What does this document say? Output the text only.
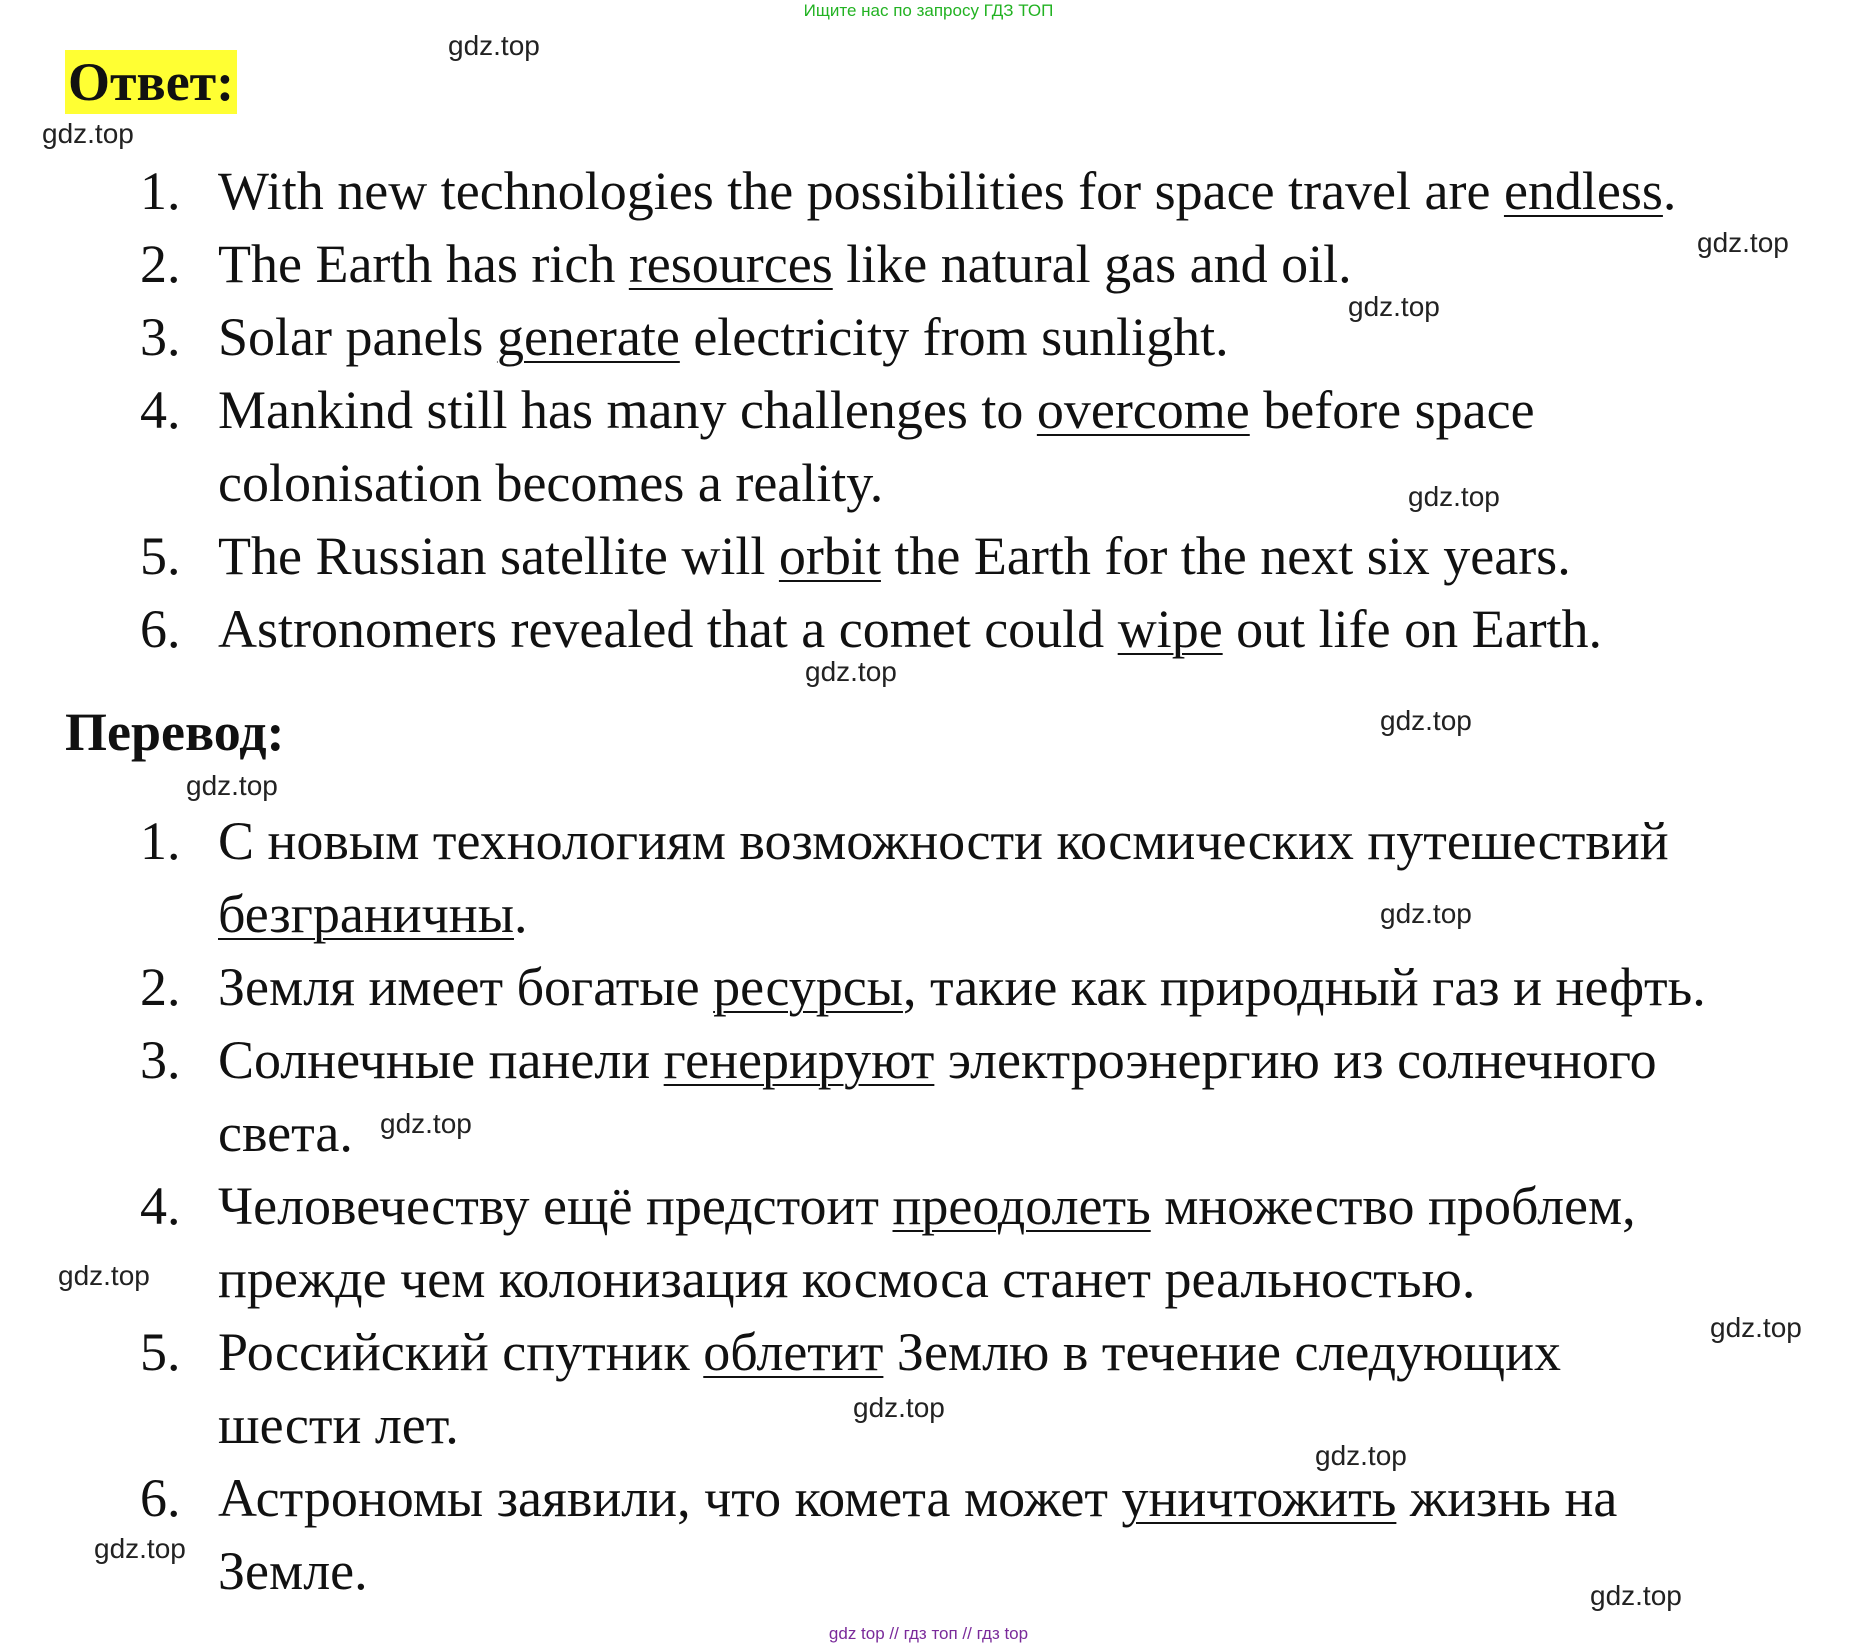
Ищите нас по запросу ГДЗ ТОП
Ответ:
1. With new technologies the possibilities for space travel are endless.
2. The Earth has rich resources like natural gas and oil.
3. Solar panels generate electricity from sunlight.
4. Mankind still has many challenges to overcome before space
colonisation becomes a reality.
5. The Russian satellite will orbit the Earth for the next six years.
6. Astronomers revealed that a comet could wipe out life on Earth.
Перевод:
1. С новым технологиям возможности космических путешествий
безграничны.
2. Земля имеет богатые ресурсы, такие как природный газ и нефть.
3. Солнечные панели генерируют электроэнергию из солнечного
света.
4. Человечеству ещё предстоит преодолеть множество проблем,
прежде чем колонизация космоса станет реальностью.
5. Российский спутник облетит Землю в течение следующих
шести лет.
6. Астрономы заявили, что комета может уничтожить жизнь на
Земле.
gdz.top
gdz.top
gdz.top
gdz.top
gdz.top
gdz.top
gdz.top
gdz.top
gdz.top
gdz.top
gdz.top
gdz.top
gdz.top
gdz.top
gdz.top
gdz.top
gdz top // гдз топ // гдз top
